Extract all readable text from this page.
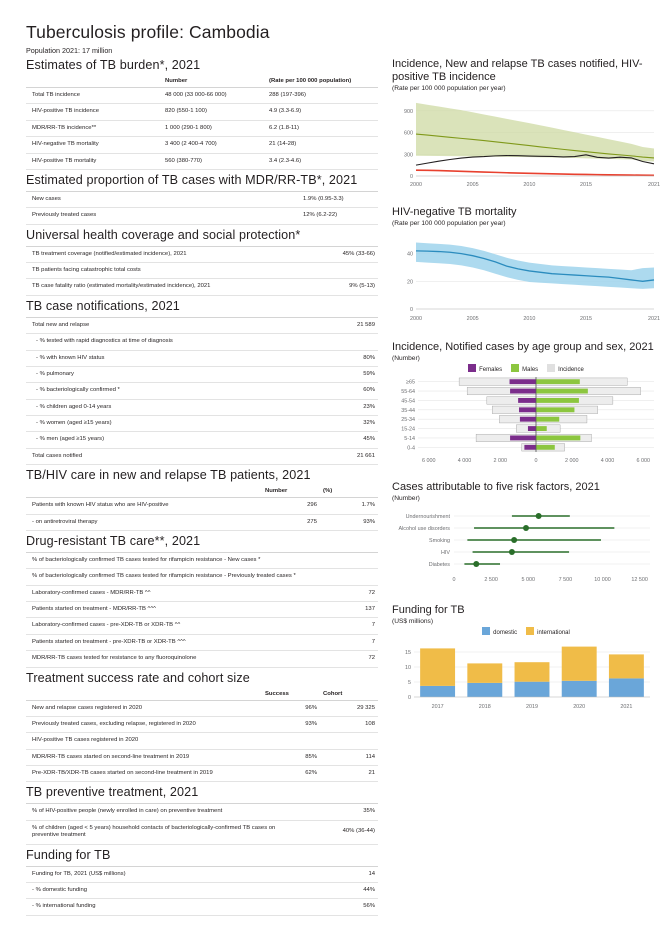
Tuberculosis profile: Cambodia

Population 2021: 17 million

Estimates of TB burden*, 2021
	Number	(Rate per 100 000 population)
Total TB incidence	48 000 (33 000-66 000)	288 (197-396)
HIV-positive TB incidence	820 (550-1 100)	4.9 (3.3-6.9)
MDR/RR-TB incidence**	1 000 (290-1 800)	6.2 (1.8-11)
HIV-negative TB mortality	3 400 (2 400-4 700)	21 (14-28)
HIV-positive TB mortality	560 (380-770)	3.4 (2.3-4.6)
Estimated proportion of TB cases with MDR/RR-TB*, 2021
New cases	1.9% (0.95-3.3)
Previously treated cases	12% (6.2-22)
Universal health coverage and social protection*
TB treatment coverage (notified/estimated incidence), 2021	45% (33-66)
TB patients facing catastrophic total costs	
TB case fatality ratio (estimated mortality/estimated incidence), 2021	9% (5-13)
TB case notifications, 2021
Total new and relapse	21 589
- % tested with rapid diagnostics at time of diagnosis	
- % with known HIV status	80%
- % pulmonary	59%
- % bacteriologically confirmed *	60%
- % children aged 0-14 years	23%
- % women (aged ≥15 years)	32%
- % men (aged ≥15 years)	45%
Total cases notified	21 661
TB/HIV care in new and relapse TB patients, 2021
	Number	(%)
Patients with known HIV status who are HIV-positive	296	1.7%
- on antiretroviral therapy	275	93%
Drug-resistant TB care**, 2021
% of bacteriologically confirmed TB cases tested for rifampicin resistance - New cases *	
% of bacteriologically confirmed TB cases tested for rifampicin resistance - Previously treated cases *	
Laboratory-confirmed cases - MDR/RR-TB ^^	72
Patients started on treatment - MDR/RR-TB ^^^	137
Laboratory-confirmed cases - pre-XDR-TB or XDR-TB ^^	7
Patients started on treatment - pre-XDR-TB or XDR-TB ^^^	7
MDR/RR-TB cases tested for resistance to any fluoroquinolone	72
Treatment success rate and cohort size
	Success	Cohort
New and relapse cases registered in 2020	96%	29 325
Previously treated cases, excluding relapse, registered in 2020	93%	108
HIV-positive TB cases registered in 2020		
MDR/RR-TB cases started on second-line treatment in 2019	85%	114
Pre-XDR-TB/XDR-TB cases started on second-line treatment in 2019	62%	21
TB preventive treatment, 2021
% of HIV-positive people (newly enrolled in care) on preventive treatment	35%
% of children (aged < 5 years) household contacts of bacteriologically-confirmed TB cases on preventive treatment	40% (36-44)
Funding for TB
Funding for TB, 2021 (US$ millions)	14
- % domestic funding	44%
- % international funding	56%
Incidence, New and relapse TB cases notified, HIV-positive TB incidence
(Rate per 100 000 population per year)
0
300
600
900
2000	2005	2010	2015	2021
HIV-negative TB mortality
(Rate per 100 000 population per year)
0
20
40
2000	2005	2010	2015	2021
Incidence, Notified cases by age group and sex, 2021
(Number)
Females	Males	Incidence
≥65
55-64
45-54
35-44
25-34
15-24
5-14
0-4
6 000	4 000	2 000	0	2 000	4 000	6 000
Cases attributable to five risk factors, 2021
(Number)
Undernourishment
Alcohol use disorders
Smoking
HIV
Diabetes
0	2 500	5 000	7 500	10 000	12 500
Funding for TB
(US$ millions)
domestic	international
0
5
10
15
2017	2018	2019	2020	2021
